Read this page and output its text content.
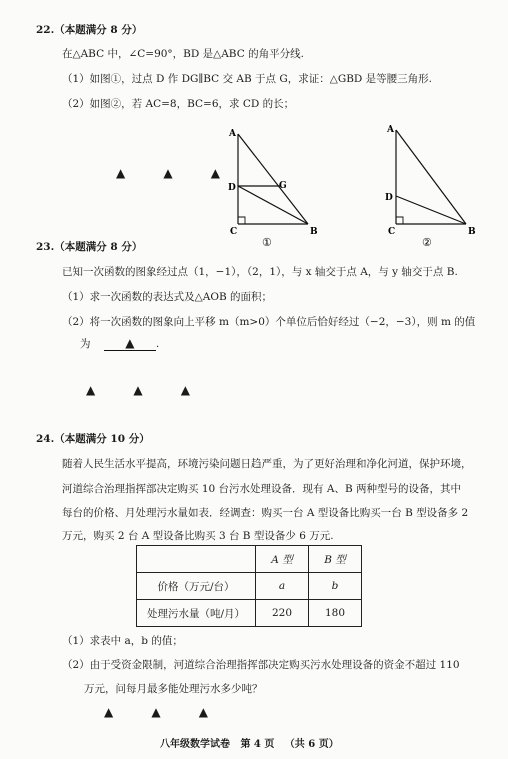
22.（本题满分 8 分）
在△ABC 中，∠C=90°，BD 是△ABC 的角平分线.
（1）如图①，过点 D 作 DG∥BC 交 AB 于点 G，求证：△GBD 是等腰三角形.
（2）如图②，若 AC=8，BC=6，求 CD 的长；
▲          ▲          ▲
A
D	G
C	B
①
A
D
C	B
②
23.（本题满分 8 分）
已知一次函数的图象经过点（1，−1），（2，1），与 x 轴交于点 A，与 y 轴交于点 B.
（1）求一次函数的表达式及△AOB 的面积；
（2）将一次函数的图象向上平移 m（m>0）个单位后恰好经过（−2，−3），则 m 的值
为	▲ .
▲          ▲          ▲
24.（本题满分 10 分）
随着人民生活水平提高，环境污染问题日趋严重，为了更好治理和净化河道，保护环境，
河道综合治理指挥部决定购买 10 台污水处理设备．现有 A、B 两种型号的设备，其中
每台的价格、月处理污水量如表．经调查：购买一台 A 型设备比购买一台 B 型设备多 2
万元，购买 2 台 A 型设备比购买 3 台 B 型设备少 6 万元.
	A 型	B 型
价格（万元/台）	a	b
处理污水量（吨/月）	220	180
（1）求表中 a，b 的值；
（2）由于受资金限制，河道综合治理指挥部决定购买污水处理设备的资金不超过 110
万元，问每月最多能处理污水多少吨？
▲          ▲          ▲
八年级数学试卷   第 4 页   （共 6 页）
